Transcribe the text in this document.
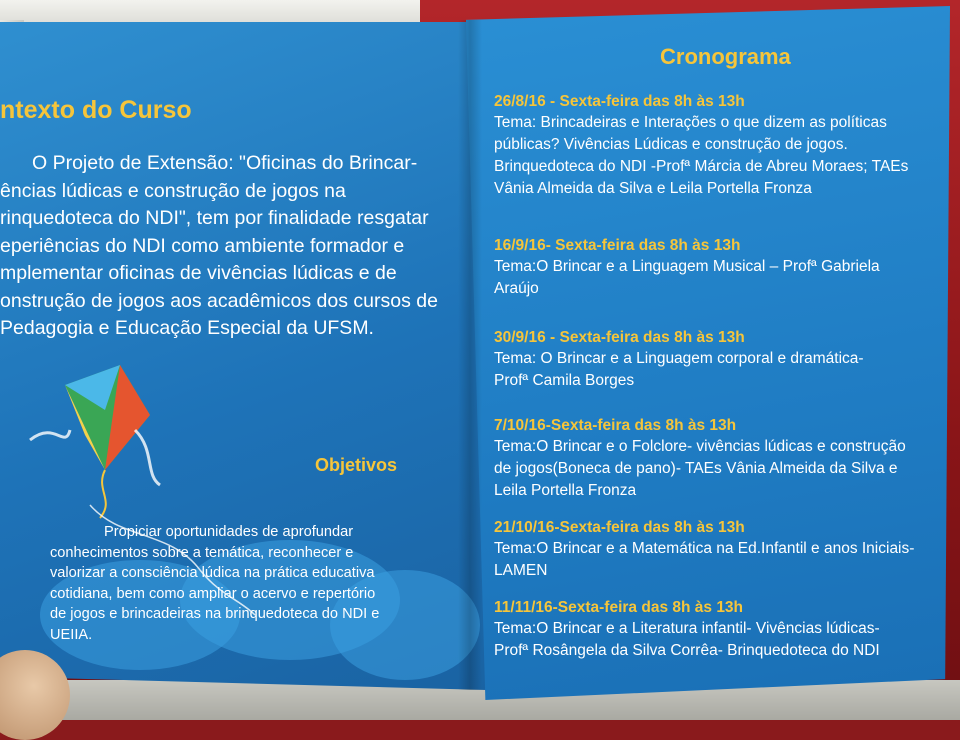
ntexto do Curso
O Projeto de Extensão: "Oficinas do Brincar-
ências lúdicas e construção de jogos na
rinquedoteca do NDI", tem por finalidade resgatar
eperiências do NDI como ambiente formador e
mplementar oficinas de vivências lúdicas e de
onstrução de jogos aos acadêmicos dos cursos de
Pedagogia e Educação Especial da UFSM.
Objetivos
Propiciar oportunidades de aprofundar
conhecimentos sobre a temática, reconhecer e
valorizar a consciência lúdica na prática educativa
cotidiana, bem como ampliar o acervo e repertório
de jogos e brincadeiras na brinquedoteca do NDI e
UEIIA.
Cronograma
26/8/16 - Sexta-feira das 8h às 13h
Tema: Brincadeiras e Interações o que dizem as políticas
públicas? Vivências Lúdicas e construção de jogos.
Brinquedoteca do NDI -Profª Márcia de Abreu Moraes; TAEs
Vânia Almeida da Silva e Leila Portella Fronza
16/9/16- Sexta-feira das 8h às 13h
Tema:O Brincar e a Linguagem Musical – Profª Gabriela
Araújo
30/9/16 - Sexta-feira das 8h às 13h
Tema: O Brincar e a Linguagem corporal e dramática-
Profª Camila Borges
7/10/16-Sexta-feira das 8h às 13h
Tema:O Brincar e o Folclore- vivências lúdicas e construção
de jogos(Boneca de pano)- TAEs Vânia Almeida da Silva e
Leila Portella Fronza
21/10/16-Sexta-feira das 8h às 13h
Tema:O Brincar e a Matemática na Ed.Infantil e anos Iniciais-
LAMEN
11/11/16-Sexta-feira das 8h às 13h
Tema:O Brincar e a Literatura infantil- Vivências lúdicas-
Profª Rosângela da Silva Corrêa- Brinquedoteca do NDI
